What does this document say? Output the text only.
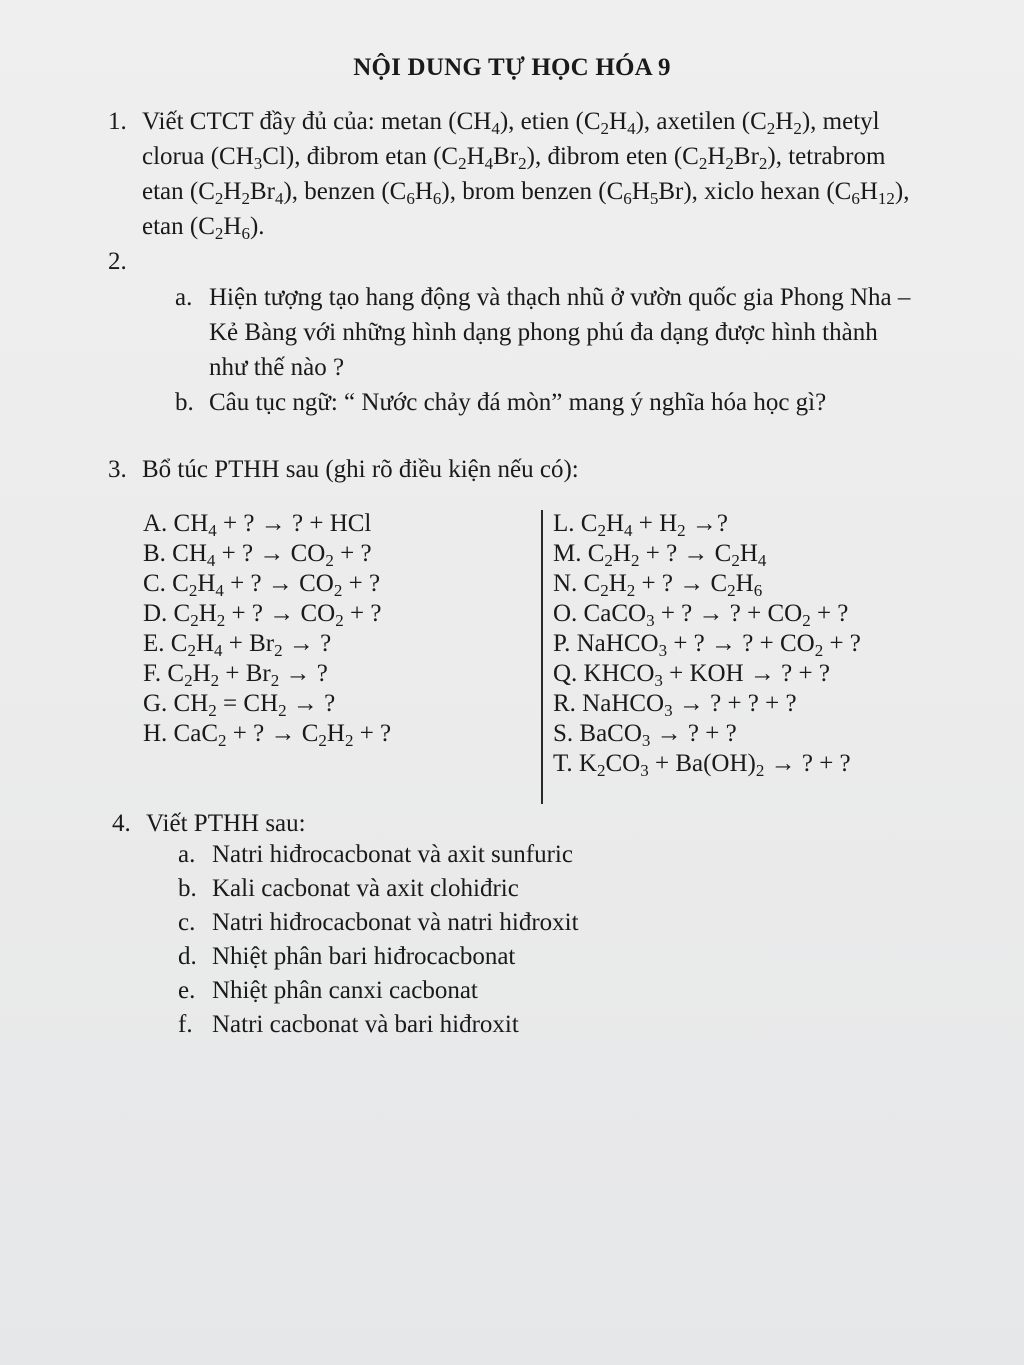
NỘI DUNG TỰ HỌC HÓA 9
1. Viết CTCT đầy đủ của: metan $(CH_4)$, etien $(C_2H_4)$, axetilen $(C_2H_2)$, metyl
clorua $(CH_3Cl)$, đibrom etan $(C_2H_4Br_2)$, đibrom eten $(C_2H_2Br_2)$, tetrabrom
etan $(C_2H_2Br_4)$, benzen $(C_6H_6)$, brom benzen $(C_6H_5Br)$, xiclo hexan $(C_6H_{12})$,
etan $(C_2H_6)$.
2.
a. Hiện tượng tạo hang động và thạch nhũ ở vườn quốc gia Phong Nha –
Kẻ Bàng với những hình dạng phong phú đa dạng được hình thành
như thế nào ?
b. Câu tục ngữ: “ Nước chảy đá mòn” mang ý nghĩa hóa học gì?
3. Bổ túc PTHH sau (ghi rõ điều kiện nếu có):
A. $CH_4$ + ? → ? + HCl
B. $CH_4$ + ? → $CO_2$ + ?
C. $C_2H_4$ + ? → $CO_2$ + ?
D. $C_2H_2$ + ? → $CO_2$ + ?
E. $C_2H_4 + Br_2$ → ?
F. $C_2H_2 + Br_2$ → ?
G. $CH_2 = CH_2$ → ?
H. CaC$_2$ + ? → $C_2H_2$ + ?
L. $C_2H_4 + H_2$ →?
M. $C_2H_2$ + ? → $C_2H_4$
N. $C_2H_2$ + ? → $C_2H_6$
O. CaCO$_3$ + ? → ? + $CO_2$ + ?
P. NaHCO$_3$ + ? → ? + $CO_2$ + ?
Q. $KHCO_3$ + KOH → ? + ?
R. NaHCO$_3$ → ? + ? + ?
S. BaCO$_3$ → ? + ?
T. $K_2CO_3 + Ba(OH)_2$ → ? + ?
4. Viết PTHH sau:
a. Natri hiđrocacbonat và axit sunfuric
b. Kali cacbonat và axit clohiđric
c. Natri hiđrocacbonat và natri hiđroxit
d. Nhiệt phân bari hiđrocacbonat
e. Nhiệt phân canxi cacbonat
f. Natri cacbonat và bari hiđroxit
